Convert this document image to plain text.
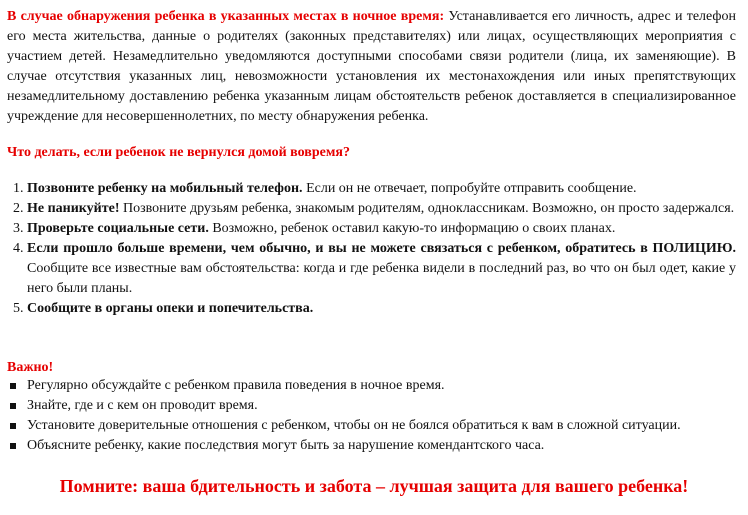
В случае обнаружения ребенка в указанных местах в ночное время: Устанавливается его личность, адрес и телефон его места жительства, данные о родителях (законных представителях) или лицах, осуществляющих мероприятия с участием детей. Незамедлительно уведомляются доступными способами связи родители (лица, их заменяющие). В случае отсутствия указанных лиц, невозможности установления их местонахождения или иных препятствующих незамедлительному доставлению ребенка указанным лицам обстоятельств ребенок доставляется в специализированное учреждение для несовершеннолетних, по месту обнаружения ребенка.

Что делать, если ребенок не вернулся домой вовремя?

1. Позвоните ребенку на мобильный телефон. Если он не отвечает, попробуйте отправить сообщение.
2. Не паникуйте! Позвоните друзьям ребенка, знакомым родителям, одноклассникам. Возможно, он просто задержался.
3. Проверьте социальные сети. Возможно, ребенок оставил какую-то информацию о своих планах.
4. Если прошло больше времени, чем обычно, и вы не можете связаться с ребенком, обратитесь в ПОЛИЦИЮ. Сообщите все известные вам обстоятельства: когда и где ребенка видели в последний раз, во что он был одет, какие у него были планы.
5. Сообщите в органы опеки и попечительства.

Важно!

Регулярно обсуждайте с ребенком правила поведения в ночное время.
Знайте, где и с кем он проводит время.
Установите доверительные отношения с ребенком, чтобы он не боялся обратиться к вам в сложной ситуации.
Объясните ребенку, какие последствия могут быть за нарушение комендантского часа.

Помните: ваша бдительность и забота – лучшая защита для вашего ребенка!
